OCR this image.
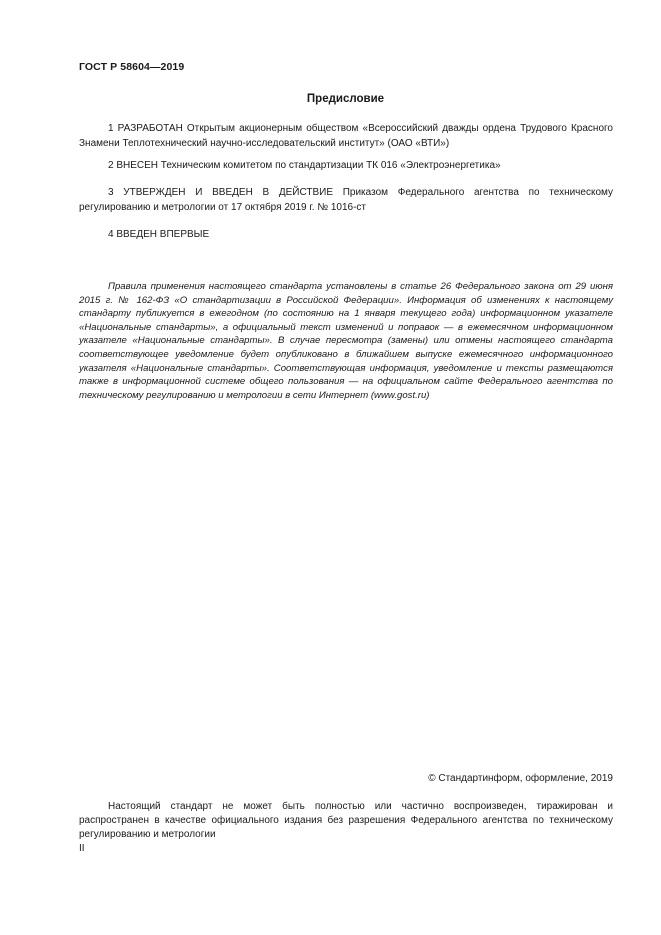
ГОСТ Р 58604—2019
Предисловие

1 РАЗРАБОТАН Открытым акционерным обществом «Всероссийский дважды ордена Трудового Красного Знамени Теплотехнический научно-исследовательский институт» (ОАО «ВТИ»)

2 ВНЕСЕН Техническим комитетом по стандартизации ТК 016 «Электроэнергетика»

3 УТВЕРЖДЕН И ВВЕДЕН В ДЕЙСТВИЕ Приказом Федерального агентства по техническому регулированию и метрологии от 17 октября 2019 г. № 1016-ст

4 ВВЕДЕН ВПЕРВЫЕ

Правила применения настоящего стандарта установлены в статье 26 Федерального закона от 29 июня 2015 г. № 162-ФЗ «О стандартизации в Российской Федерации». Информация об изменениях к настоящему стандарту публикуется в ежегодном (по состоянию на 1 января текущего года) информационном указателе «Национальные стандарты», а официальный текст изменений и поправок — в ежемесячном информационном указателе «Национальные стандарты». В случае пересмотра (замены) или отмены настоящего стандарта соответствующее уведомление будет опубликовано в ближайшем выпуске ежемесячного информационного указателя «Национальные стандарты». Соответствующая информация, уведомление и тексты размещаются также в информационной системе общего пользования — на официальном сайте Федерального агентства по техническому регулированию и метрологии в сети Интернет (www.gost.ru)

© Стандартинформ, оформление, 2019

Настоящий стандарт не может быть полностью или частично воспроизведен, тиражирован и распространен в качестве официального издания без разрешения Федерального агентства по техническому регулированию и метрологии

II
